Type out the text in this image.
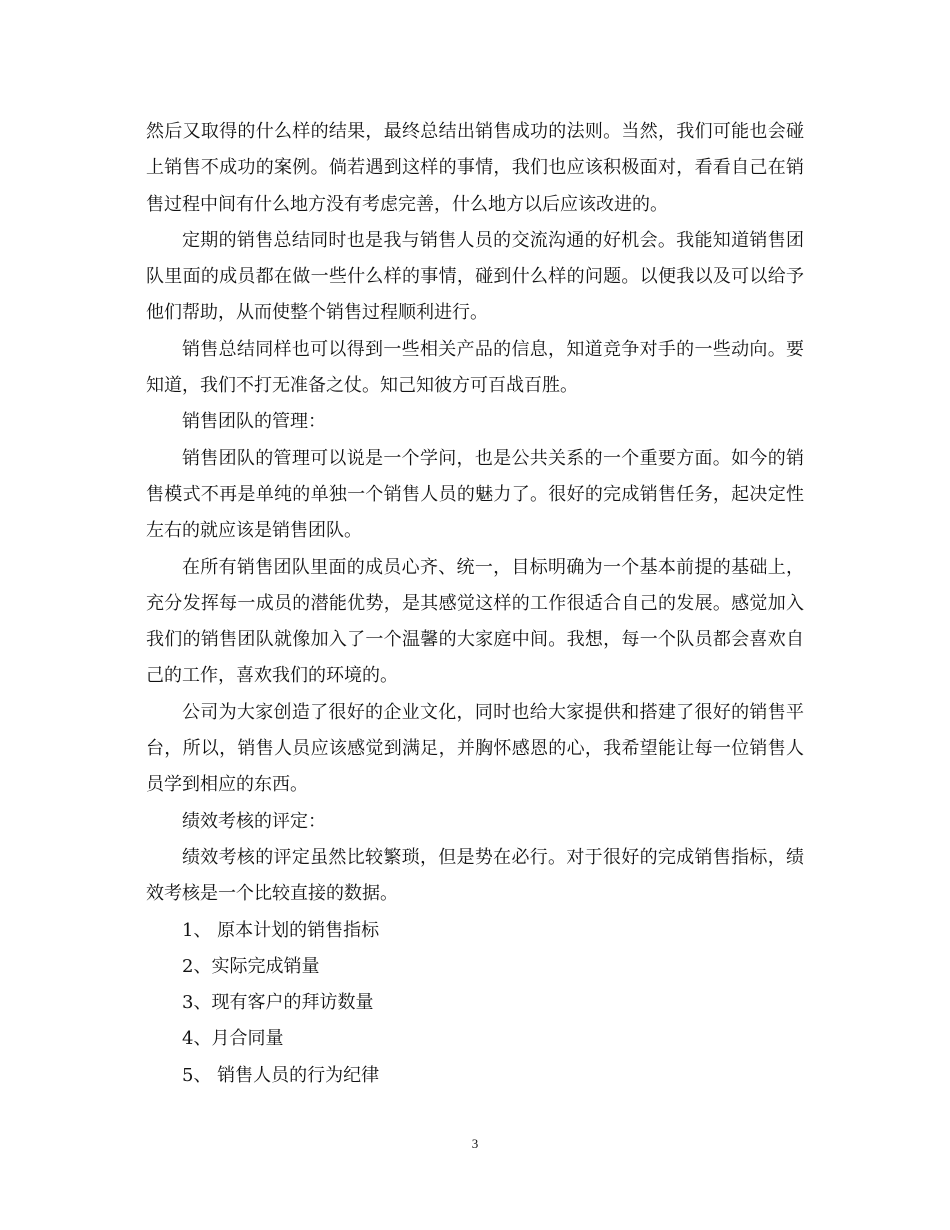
然后又取得的什么样的结果，最终总结出销售成功的法则。当然，我们可能也会碰上销售不成功的案例。倘若遇到这样的事情，我们也应该积极面对，看看自己在销售过程中间有什么地方没有考虑完善，什么地方以后应该改进的。

定期的销售总结同时也是我与销售人员的交流沟通的好机会。我能知道销售团队里面的成员都在做一些什么样的事情，碰到什么样的问题。以便我以及可以给予他们帮助，从而使整个销售过程顺利进行。

销售总结同样也可以得到一些相关产品的信息，知道竞争对手的一些动向。要知道，我们不打无准备之仗。知己知彼方可百战百胜。

销售团队的管理：

销售团队的管理可以说是一个学问，也是公共关系的一个重要方面。如今的销售模式不再是单纯的单独一个销售人员的魅力了。很好的完成销售任务，起决定性左右的就应该是销售团队。

在所有销售团队里面的成员心齐、统一，目标明确为一个基本前提的基础上，充分发挥每一成员的潜能优势，是其感觉这样的工作很适合自己的发展。感觉加入我们的销售团队就像加入了一个温馨的大家庭中间。我想，每一个队员都会喜欢自己的工作，喜欢我们的环境的。

公司为大家创造了很好的企业文化，同时也给大家提供和搭建了很好的销售平台，所以，销售人员应该感觉到满足，并胸怀感恩的心，我希望能让每一位销售人员学到相应的东西。

绩效考核的评定：

绩效考核的评定虽然比较繁琐，但是势在必行。对于很好的完成销售指标，绩效考核是一个比较直接的数据。

1、 原本计划的销售指标

2、实际完成销量

3、现有客户的拜访数量

4、月合同量

5、 销售人员的行为纪律

3
